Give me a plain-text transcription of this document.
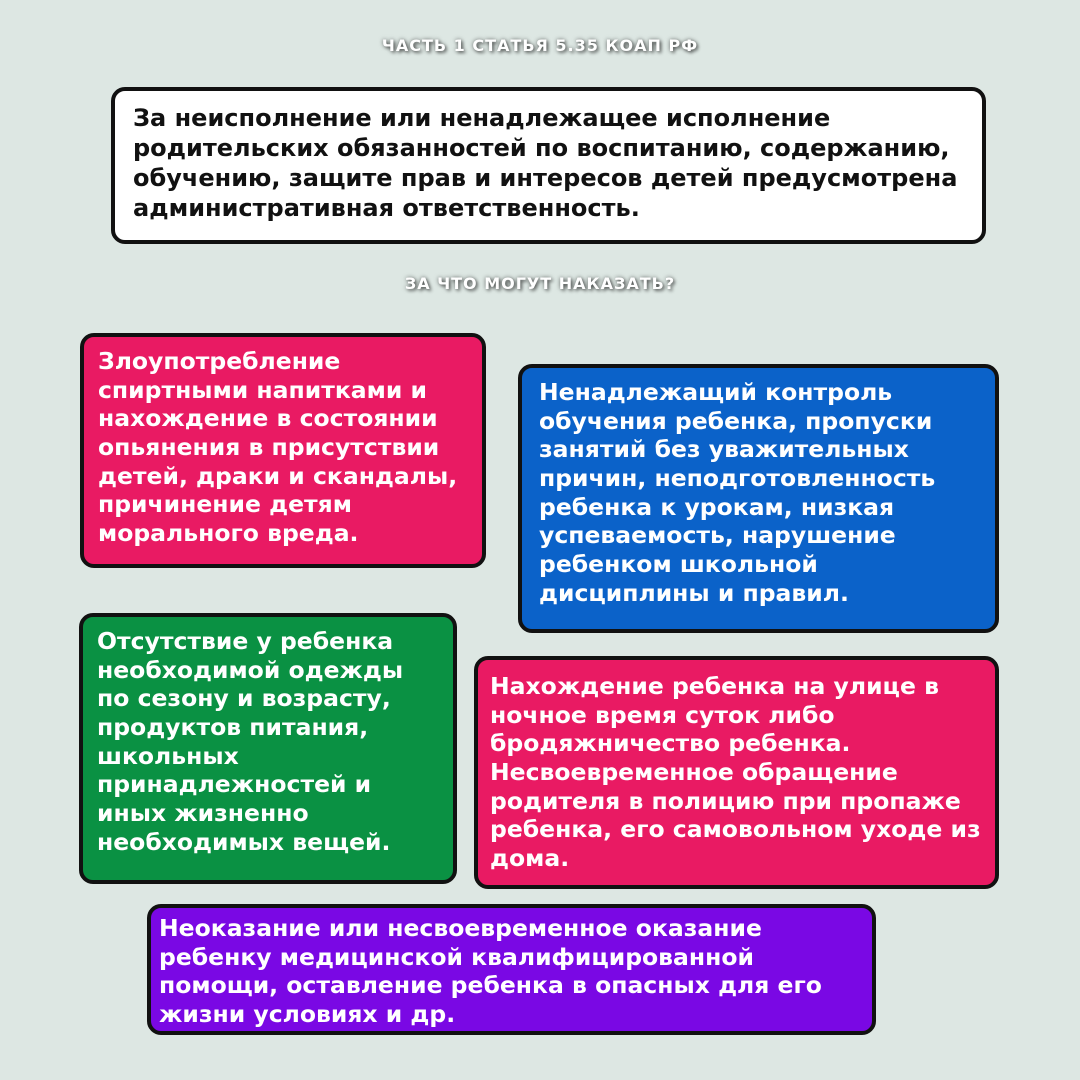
ЧАСТЬ 1 СТАТЬЯ 5.35 КОАП РФ
За неисполнение или ненадлежащее исполнение родительских обязанностей по воспитанию, содержанию, обучению, защите прав и интересов детей предусмотрена административная ответственность.
ЗА ЧТО МОГУТ НАКАЗАТЬ?
Злоупотребление спиртными напитками и нахождение в состоянии опьянения в присутствии детей, драки и скандалы, причинение детям морального вреда.
Ненадлежащий контроль обучения ребенка, пропуски занятий без уважительных причин, неподготовленность ребенка к урокам, низкая успеваемость, нарушение ребенком школьной дисциплины и правил.
Отсутствие у ребенка необходимой одежды по сезону и возрасту, продуктов питания, школьных принадлежностей и иных жизненно необходимых вещей.
Нахождение ребенка на улице в ночное время суток либо бродяжничество ребенка. Несвоевременное обращение родителя в полицию при пропаже ребенка, его самовольном уходе из дома.
Неоказание или несвоевременное оказание ребенку медицинской квалифицированной помощи, оставление ребенка в опасных для его жизни условиях и др.
